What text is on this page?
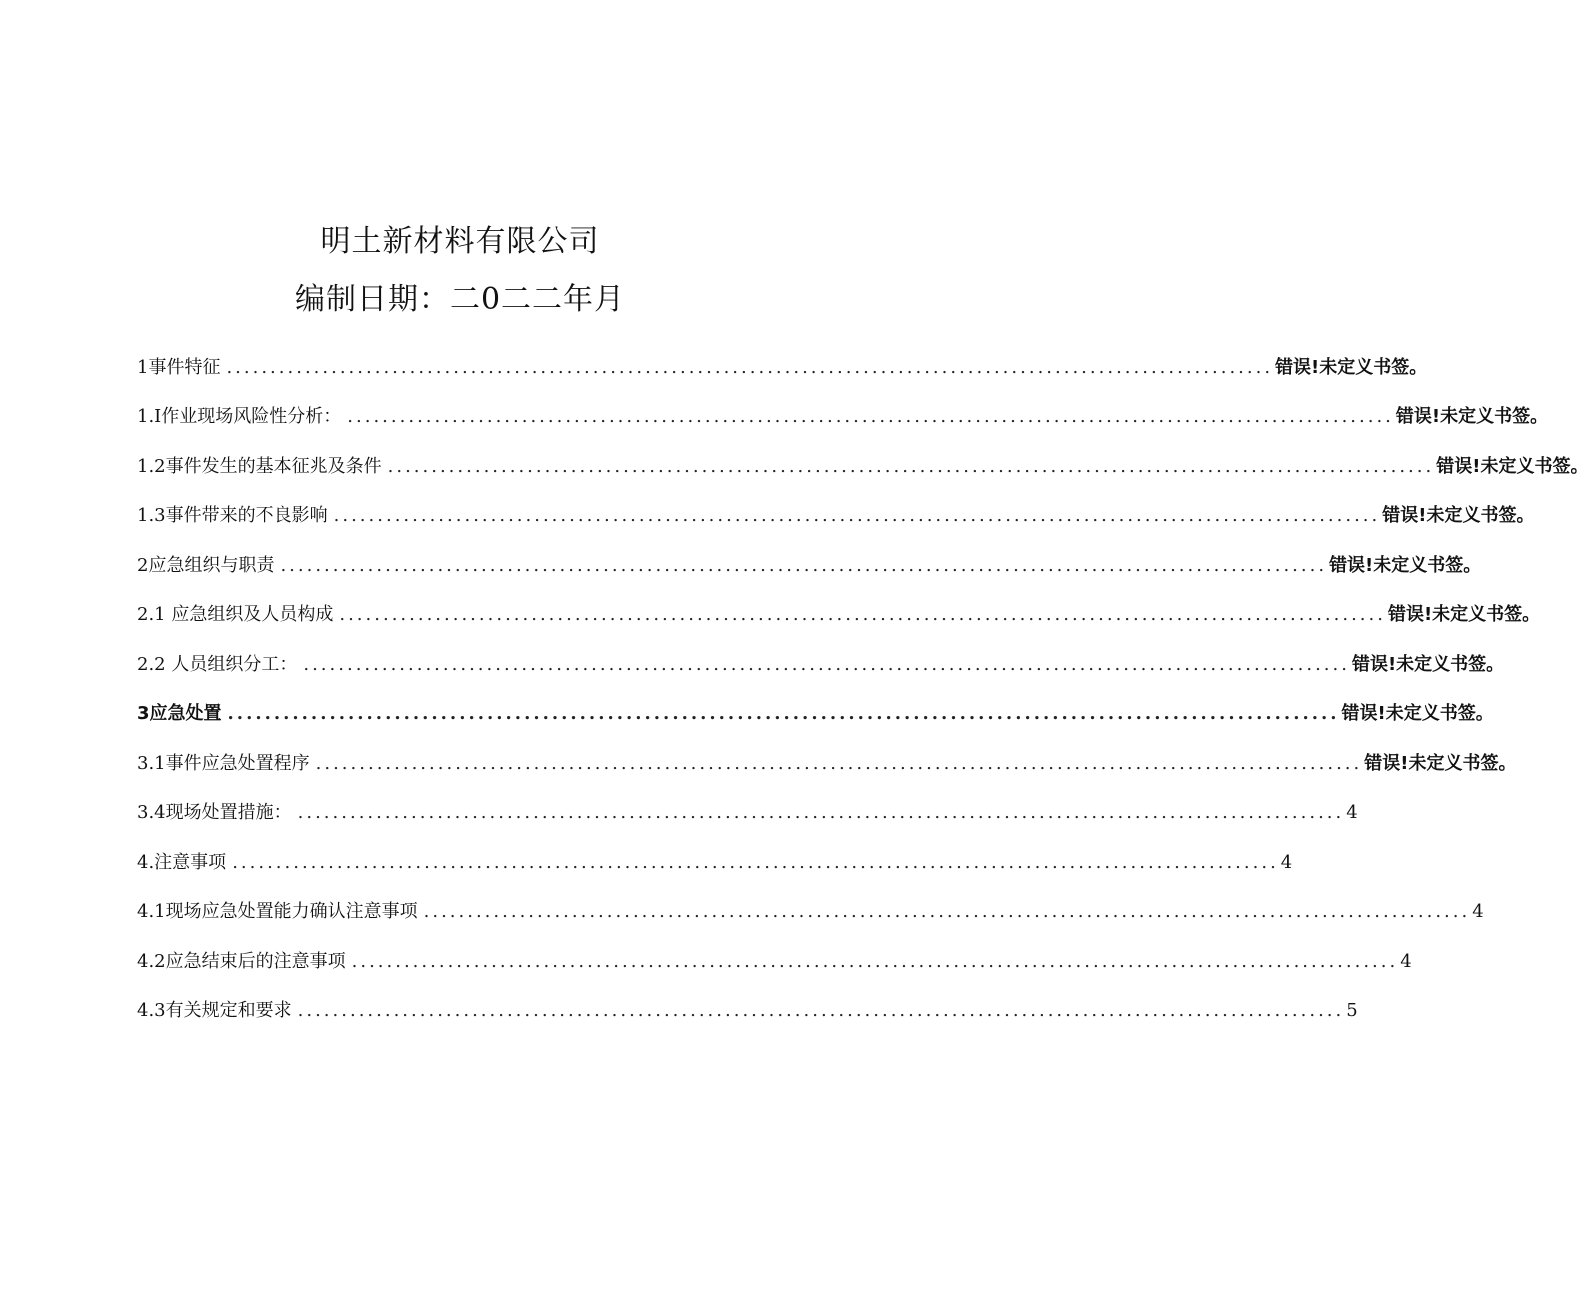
明土新材料有限公司
编制日期：二0二二年月
1事件特征 ........................................................................................................................ 错误!未定义书签。
1.I作业现场风险性分析： ........................................................................................................................ 错误!未定义书签。
1.2事件发生的基本征兆及条件 ........................................................................................................................ 错误!未定义书签。
1.3事件带来的不良影响 ........................................................................................................................ 错误!未定义书签。
2应急组织与职责 ........................................................................................................................ 错误!未定义书签。
2.1 应急组织及人员构成 ........................................................................................................................ 错误!未定义书签。
2.2 人员组织分工： ........................................................................................................................ 错误!未定义书签。
3应急处置 ........................................................................................................................ 错误!未定义书签。
3.1事件应急处置程序 ........................................................................................................................ 错误!未定义书签。
3.4现场处置措施： ........................................................................................................................ 4
4.注意事项 ........................................................................................................................ 4
4.1现场应急处置能力确认注意事项 ........................................................................................................................ 4
4.2应急结束后的注意事项 ........................................................................................................................ 4
4.3有关规定和要求 ........................................................................................................................ 5
